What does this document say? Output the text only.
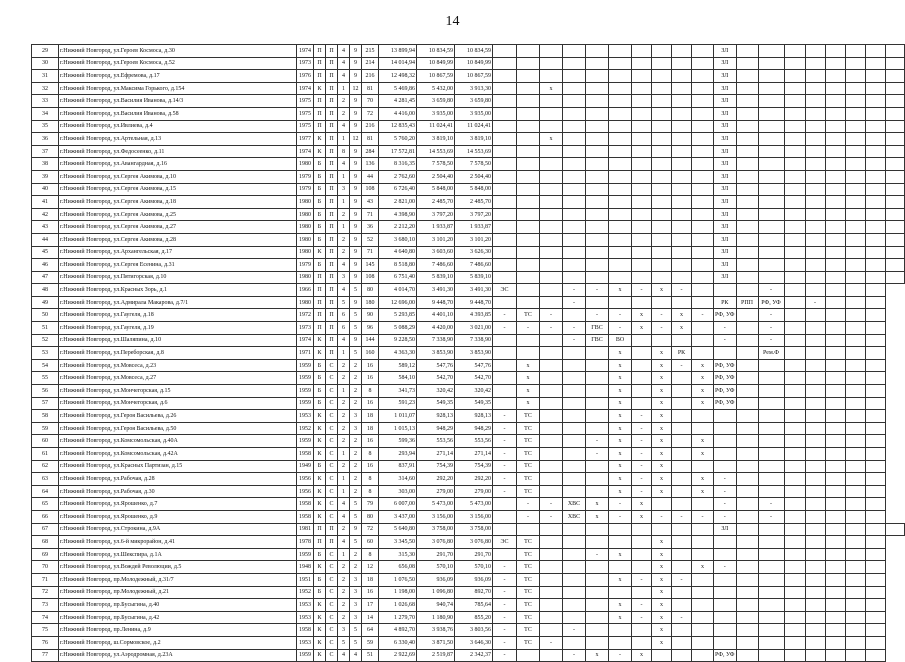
14
29	г.Нижний Новгород, ул.Героев Космоса, д.30	1974	П	П	4	9	215	13 899,94	10 834,59	10 834,59											ЗЛ								
30	г.Нижний Новгород, ул.Героев Космоса, д.52	1973	П	П	4	9	214	14 014,94	10 849,99	10 849,99											ЗЛ								
31	г.Нижний Новгород, ул.Ефремова, д.17	1976	П	П	4	9	216	12 498,32	10 867,59	10 867,59											ЗЛ								
32	г.Нижний Новгород, ул.Максима Горького, д.154	1974	К	П	1	12	81	5 469,86	5 432,00	3 913,30			x								ЗЛ								
33	г.Нижний Новгород, ул.Василия Иванова, д.14/3	1975	П	П	2	9	70	4 281,45	3 659,80	3 659,80											ЗЛ								
34	г.Нижний Новгород, ул.Василия Иванова, д.58	1975	П	П	2	9	72	4 416,00	3 935,00	3 935,00											ЗЛ								
35	г.Нижний Новгород, ул.Ивлиева, д.4	1975	П	П	4	9	216	12 835,43	11 024,41	11 024,41											ЗЛ								
36	г.Нижний Новгород, ул.Артельная, д.13	1977	К	П	1	12	81	5 760,20	3 819,10	3 819,10			x								ЗЛ								
37	г.Нижний Новгород, ул.Федосеенко, д.11	1974	К	П	8	9	284	17 572,81	14 553,69	14 553,69											ЗЛ								
38	г.Нижний Новгород, ул.Авангардная, д.16	1980	Б	П	4	9	136	8 316,35	7 578,50	7 578,50											ЗЛ								
39	г.Нижний Новгород, ул.Сергея Акимова, д.10	1979	Б	П	1	9	44	2 762,60	2 504,40	2 504,40											ЗЛ								
40	г.Нижний Новгород, ул.Сергея Акимова, д.15	1979	Б	П	3	9	108	6 726,40	5 848,00	5 848,00											ЗЛ								
41	г.Нижний Новгород, ул.Сергея Акимова, д.18	1980	Б	П	1	9	43	2 821,00	2 485,70	2 485,70											ЗЛ								
42	г.Нижний Новгород, ул.Сергея Акимова, д.25	1980	Б	П	2	9	71	4 398,90	3 797,20	3 797,20											ЗЛ								
43	г.Нижний Новгород, ул.Сергея Акимова, д.27	1980	Б	П	1	9	36	2 212,20	1 933,87	1 933,87											ЗЛ								
44	г.Нижний Новгород, ул.Сергея Акимова, д.28	1980	Б	П	2	9	52	3 680,10	3 101,20	3 101,20											ЗЛ								
45	г.Нижний Новгород, ул.Архангельская, д.17	1980	К	П	2	9	71	4 640,80	3 603,60	3 626,30											ЗЛ								
46	г.Нижний Новгород, ул.Сергея Есенина, д.31	1979	Б	П	4	9	145	8 518,80	7 486,60	7 486,60											ЗЛ								
47	г.Нижний Новгород, ул.Пятигорская, д.10	1980	П	П	3	9	108	6 751,40	5 839,10	5 839,10											ЗЛ								
48	г.Нижний Новгород, ул.Красных Зорь, д.1	1966	П	П	4	5	80	4 014,70	3 491,30	3 491,30	ЭС			-	-	x	-	x	-				-						
49	г.Нижний Новгород, ул.Адмирала Макарова, д.7/1	1980	П	П	5	9	180	12 696,00	9 448,70	9 448,70				-							РК	РПП	РФ, УФ		-				
50	г.Нижний Новгород, ул.Гаугеля, д.18	1972	П	П	6	5	90	5 293,85	4 401,10	4 393,85	-	ТС	-		-	-	x	-	x	-	РФ, УФ		-						
51	г.Нижний Новгород, ул.Гаугеля, д.19	1973	П	П	6	5	96	5 088,29	4 420,00	3 021,00	-	-	-	-	ГВС	-	x	-	x		-		-						
52	г.Нижний Новгород, ул.Шаляпина, д.10	1974	К	П	4	9	144	9 228,50	7 338,90	7 338,90				-	ГВС	ВО					-		-						
53	г.Нижний Новгород, ул.Переборская, д.8	1971	К	П	1	5	160	4 363,30	3 853,90	3 853,90						x		x	РК				Рем.Ф						
54	г.Нижний Новгород, ул.Мовсеса, д.23	1959	Б	С	2	2	16	589,12	547,76	547,76		x				x		x	-	x	РФ, УФ								
55	г.Нижний Новгород, ул.Мовсеса, д.27	1959	Б	С	2	2	16	584,10	542,70	542,70		x				x		x		x	РФ, УФ								
56	г.Нижний Новгород, ул.Мончегорская, д.15	1959	Б	С	1	2	8	341,73	320,42	320,42		x				x		x		x	РФ, УФ								
57	г.Нижний Новгород, ул.Мончегорская, д.6	1959	Б	С	2	2	16	591,23	549,35	549,35		x				x		x		x	РФ, УФ								
58	г.Нижний Новгород, ул.Героя Васильева, д.26	1953	К	С	2	3	18	1 011,07	928,13	928,13	-	ТС				x	-	x											
59	г.Нижний Новгород, ул.Героя Васильева, д.50	1952	К	С	2	3	18	1 015,13	948,29	948,29	-	ТС				x	-	x											
60	г.Нижний Новгород, ул.Комсомольская, д.40А	1959	К	С	2	2	16	599,36	553,56	553,56	-	ТС			-	x	-	x		x									
61	г.Нижний Новгород, ул.Комсомольская, д.42А	1958	К	С	1	2	8	293,94	271,14	271,14	-	ТС			-	x	-	x		x									
62	г.Нижний Новгород, ул.Красных Партизан, д.15	1949	Б	С	2	2	16	837,91	754,39	754,39	-	ТС				x	-	x											
63	г.Нижний Новгород, ул.Рабочая, д.28	1956	К	С	1	2	8	314,60	292,20	292,20	-	ТС				x	-	x		x	-								
64	г.Нижний Новгород, ул.Рабочая, д.30	1956	К	С	1	2	8	303,00	279,00	279,00	-	ТС				x	-	x		x	-								
65	г.Нижний Новгород, ул.Ярошенко, д.7	1958	К	С	4	5	79	6 007,00	5 473,00	5 473,00		-	-	ХВС	x	-	x				-		-						
66	г.Нижний Новгород, ул.Ярошенко, д.9	1958	К	С	4	5	80	3 437,00	3 156,00	3 156,00		-	-	ХВС	x	-	x	-	-	-	-		-						
67	г.Нижний Новгород, ул.Строкина, д.9А	1981	П	П	2	9	72	5 640,80	3 758,00	3 758,00											ЗЛ								
68	г.Нижний Новгород, ул.6-й микрорайон, д.41	1978	П	П	4	5	60	3 345,50	3 076,80	3 076,80	ЭС	ТС						x											
69	г.Нижний Новгород, ул.Шекспира, д.1А	1959	Б	С	1	2	8	315,30	291,70	291,70		ТС			-	x		x											
70	г.Нижний Новгород, ул.Вождей Революции, д.5	1948	К	С	2	2	12	656,08	570,10	570,10	-	ТС						x		x	-								
71	г.Нижний Новгород, пр.Молодежный, д.31/7	1951	Б	С	2	3	18	1 076,50	936,09	936,09	-	ТС				x	-	x	-										
72	г.Нижний Новгород, пр.Молодежный, д.21	1952	Б	С	2	3	16	1 198,00	1 096,80	892,70	-	ТС						x											
73	г.Нижний Новгород, пр.Бусыгина, д.40	1953	К	С	2	3	17	1 026,68	940,74	785,64	-	ТС				x	-	x											
74	г.Нижний Новгород, пр.Бусыгина, д.42	1953	К	С	2	3	14	1 279,70	1 180,90	855,20	-	ТС				x	-	x	-										
75	г.Нижний Новгород, пр.Ленина, д.9	1958	К	С	3	5	64	4 892,70	3 938,76	3 803,56	-	ТС		-				x											
76	г.Нижний Новгород, ш.Сормовское, д.2	1953	К	С	5	5	59	6 330,40	3 871,50	3 646,30	-	ТС	-					x											
77	г.Нижний Новгород, ул.Аэродромная, д.23А	1959	К	С	4	4	51	2 922,69	2 519,87	2 342,37	-			-	x	-	x				РФ, УФ								
